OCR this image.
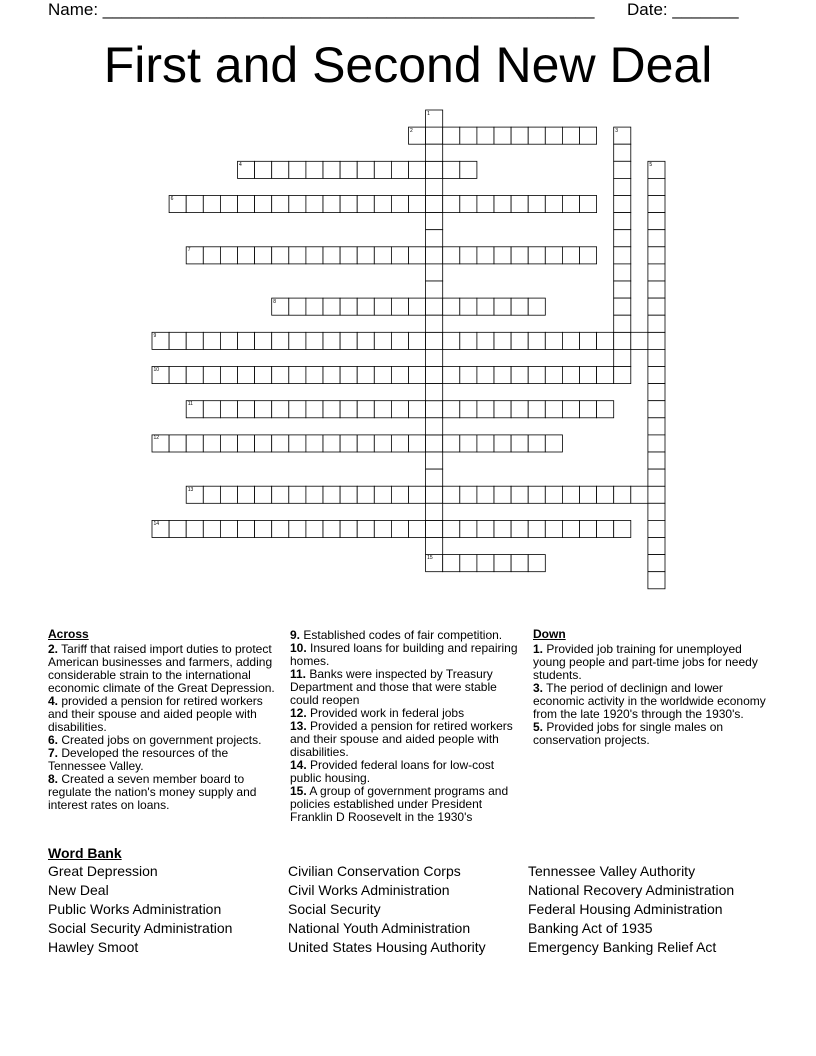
Name: ____________________________________________________ Date: _______
First and Second New Deal
2
4
6
7
8
9
10
11
12
13
14
15
1
3
5
Across
2. Tariff that raised import duties to protect American businesses and farmers, adding considerable strain to the international economic climate of the Great Depression.
4. provided a pension for retired workers and their spouse and aided people with disabilities.
6. Created jobs on government projects.
7. Developed the resources of the Tennessee Valley.
8. Created a seven member board to regulate the nation's money supply and interest rates on loans.
9. Established codes of fair competition.
10. Insured loans for building and repairing homes.
11. Banks were inspected by Treasury Department and those that were stable could reopen
12. Provided work in federal jobs
13. Provided a pension for retired workers and their spouse and aided people with disabilities.
14. Provided federal loans for low-cost public housing.
15. A group of government programs and policies established under President Franklin D Roosevelt in the 1930's
Down
1. Provided job training for unemployed young people and part-time jobs for needy students.
3. The period of declinign and lower economic activity in the worldwide economy from the late 1920's through the 1930's.
5. Provided jobs for single males on conservation projects.
Word Bank
Great Depression
New Deal
Public Works Administration
Social Security Administration
Hawley Smoot
Civilian Conservation Corps
Civil Works Administration
Social Security
National Youth Administration
United States Housing Authority
Tennessee Valley Authority
National Recovery Administration
Federal Housing Administration
Banking Act of 1935
Emergency Banking Relief Act
